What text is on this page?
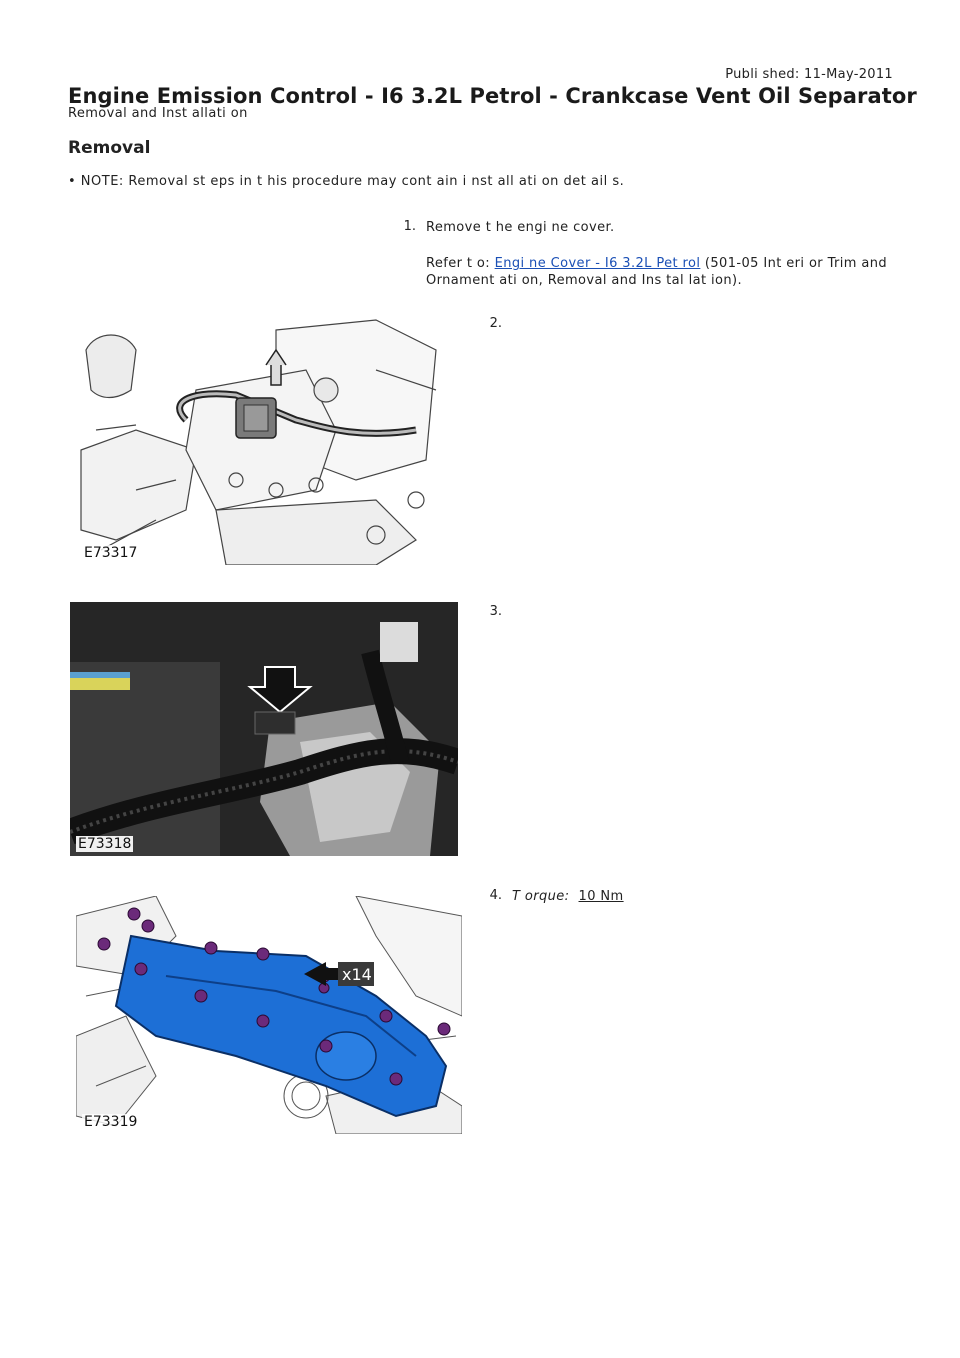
Publi shed: 11-May-2011
Engine Emission Control - I6 3.2L Petrol - Crankcase Vent Oil Separator
Removal and Inst allati on
Removal
• NOTE: Removal st eps in t his procedure may cont ain i nst all ati on det ail s.
1. Remove t he engi ne cover.
Refer t o: Engi ne Cover - I6 3.2L Pet rol (501-05 Int eri or Trim and
Ornament ati on, Removal and Ins tal lat ion).
2.
E73317
3.
E73318
4. T orque: 10 Nm
x14
E73319
